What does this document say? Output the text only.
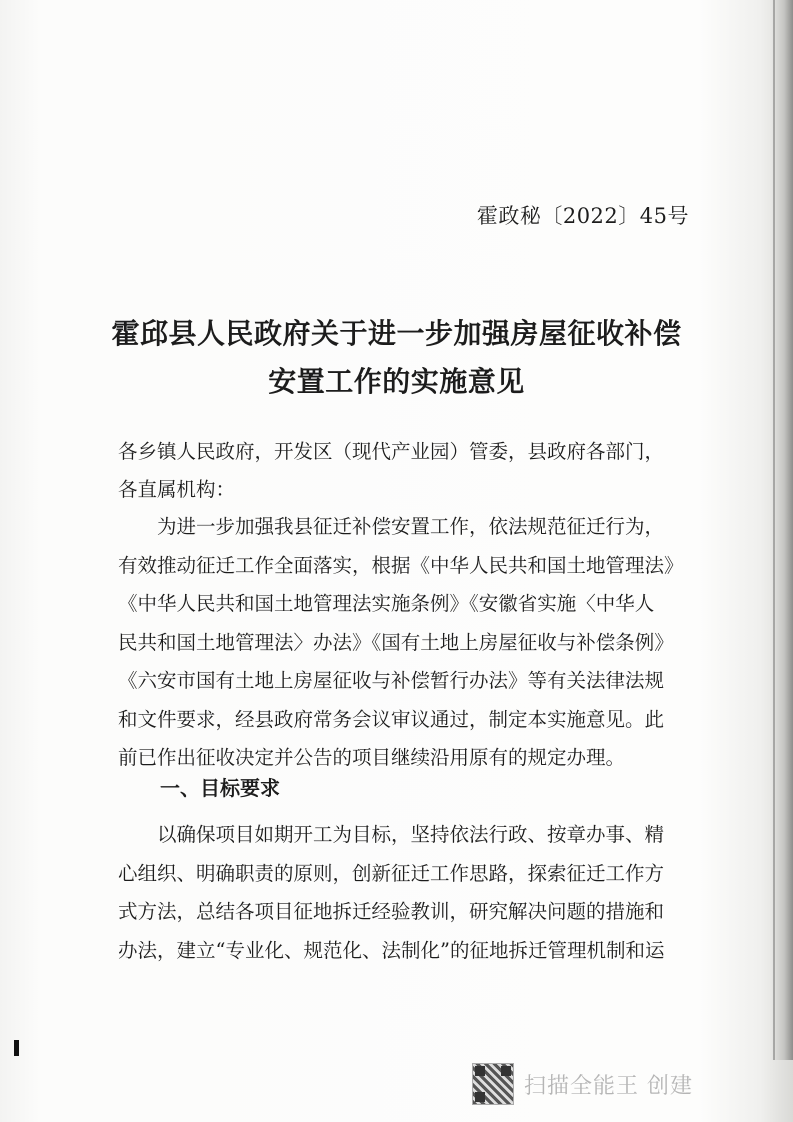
霍政秘〔2022〕45号
霍邱县人民政府关于进一步加强房屋征收补偿
安置工作的实施意见
各乡镇人民政府，开发区（现代产业园）管委，县政府各部门，
各直属机构：
　　为进一步加强我县征迁补偿安置工作，依法规范征迁行为，
有效推动征迁工作全面落实，根据《中华人民共和国土地管理法》
《中华人民共和国土地管理法实施条例》《安徽省实施〈中华人
民共和国土地管理法〉办法》《国有土地上房屋征收与补偿条例》
《六安市国有土地上房屋征收与补偿暂行办法》等有关法律法规
和文件要求，经县政府常务会议审议通过，制定本实施意见。此
前已作出征收决定并公告的项目继续沿用原有的规定办理。
一、目标要求
　　以确保项目如期开工为目标，坚持依法行政、按章办事、精
心组织、明确职责的原则，创新征迁工作思路，探索征迁工作方
式方法，总结各项目征地拆迁经验教训，研究解决问题的措施和
办法，建立“专业化、规范化、法制化”的征地拆迁管理机制和运
扫描全能王 创建
